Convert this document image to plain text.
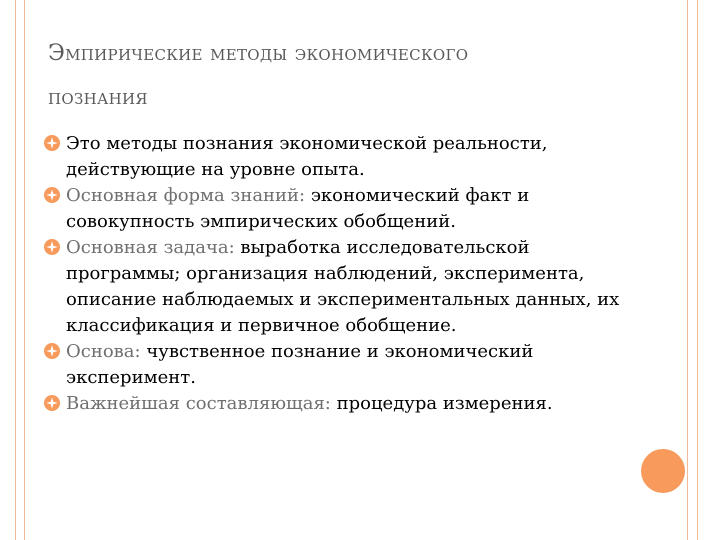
Эмпирические методы экономического
познания
Это методы познания экономической реальности, действующие на уровне опыта.
Основная форма знаний: экономический факт и совокупность эмпирических обобщений.
Основная задача: выработка исследовательской программы; организация наблюдений, эксперимента, описание наблюдаемых и экспериментальных данных, их классификация и первичное обобщение.
Основа: чувственное познание и экономический эксперимент.
Важнейшая составляющая: процедура измерения.
